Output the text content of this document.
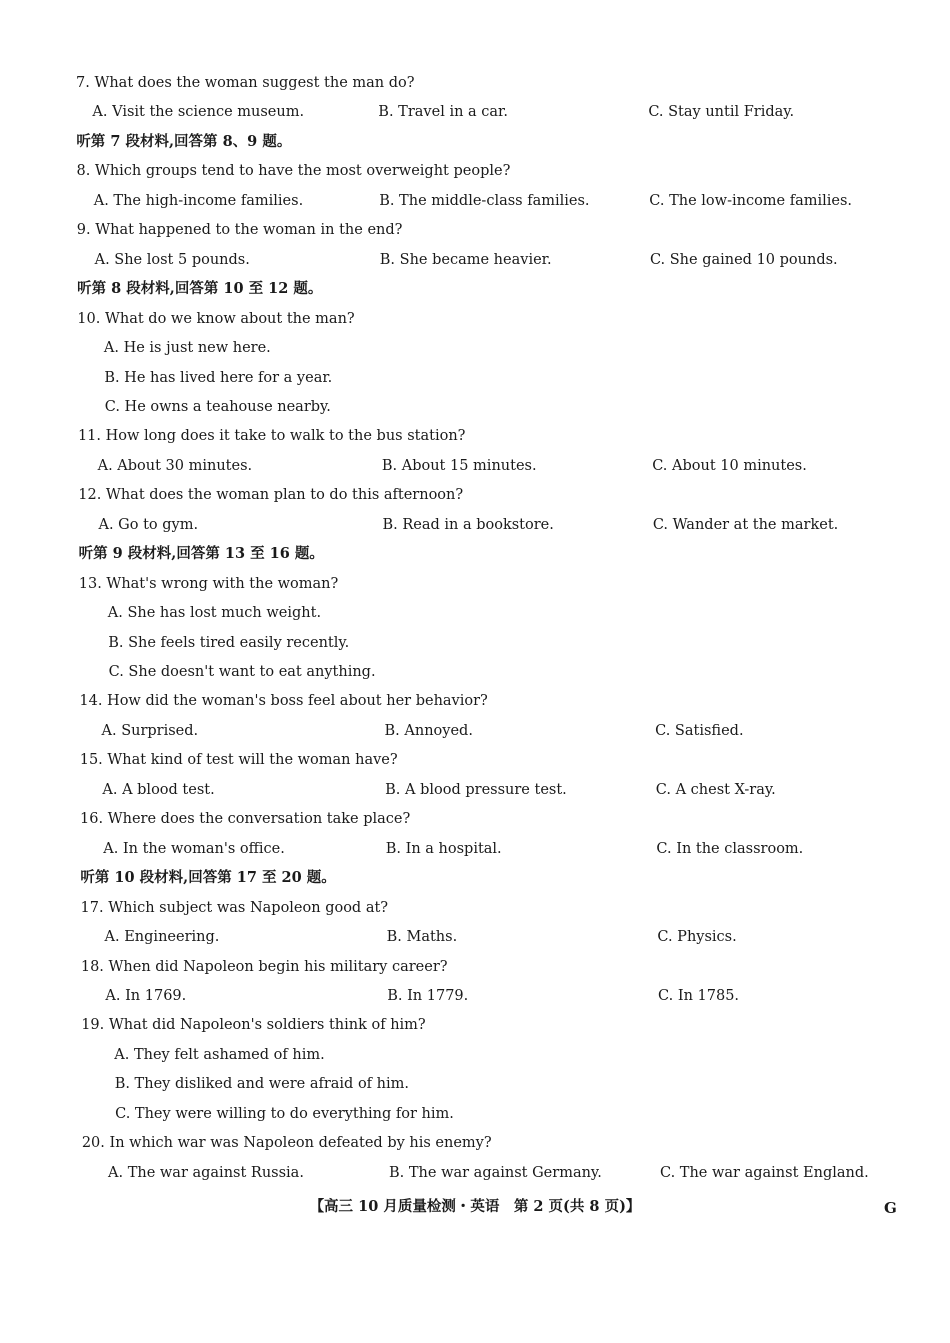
7. What does the woman suggest the man do?
A. Visit the science museum.	B. Travel in a car.	C. Stay until Friday.
听第 7 段材料,回答第 8、9 题。
8. Which groups tend to have the most overweight people?
A. The high-income families.	B. The middle-class families.	C. The low-income families.
9. What happened to the woman in the end?
A. She lost 5 pounds.	B. She became heavier.	C. She gained 10 pounds.
听第 8 段材料,回答第 10 至 12 题。
10. What do we know about the man?
A. He is just new here.
B. He has lived here for a year.
C. He owns a teahouse nearby.
11. How long does it take to walk to the bus station?
A. About 30 minutes.	B. About 15 minutes.	C. About 10 minutes.
12. What does the woman plan to do this afternoon?
A. Go to gym.	B. Read in a bookstore.	C. Wander at the market.
听第 9 段材料,回答第 13 至 16 题。
13. What's wrong with the woman?
A. She has lost much weight.
B. She feels tired easily recently.
C. She doesn't want to eat anything.
14. How did the woman's boss feel about her behavior?
A. Surprised.	B. Annoyed.	C. Satisfied.
15. What kind of test will the woman have?
A. A blood test.	B. A blood pressure test.	C. A chest X-ray.
16. Where does the conversation take place?
A. In the woman's office.	B. In a hospital.	C. In the classroom.
听第 10 段材料,回答第 17 至 20 题。
17. Which subject was Napoleon good at?
A. Engineering.	B. Maths.	C. Physics.
18. When did Napoleon begin his military career?
A. In 1769.	B. In 1779.	C. In 1785.
19. What did Napoleon's soldiers think of him?
A. They felt ashamed of him.
B. They disliked and were afraid of him.
C. They were willing to do everything for him.
20. In which war was Napoleon defeated by his enemy?
A. The war against Russia.	B. The war against Germany.	C. The war against England.
【高三 10 月质量检测・英语　第 2 页(共 8 页)】	G
